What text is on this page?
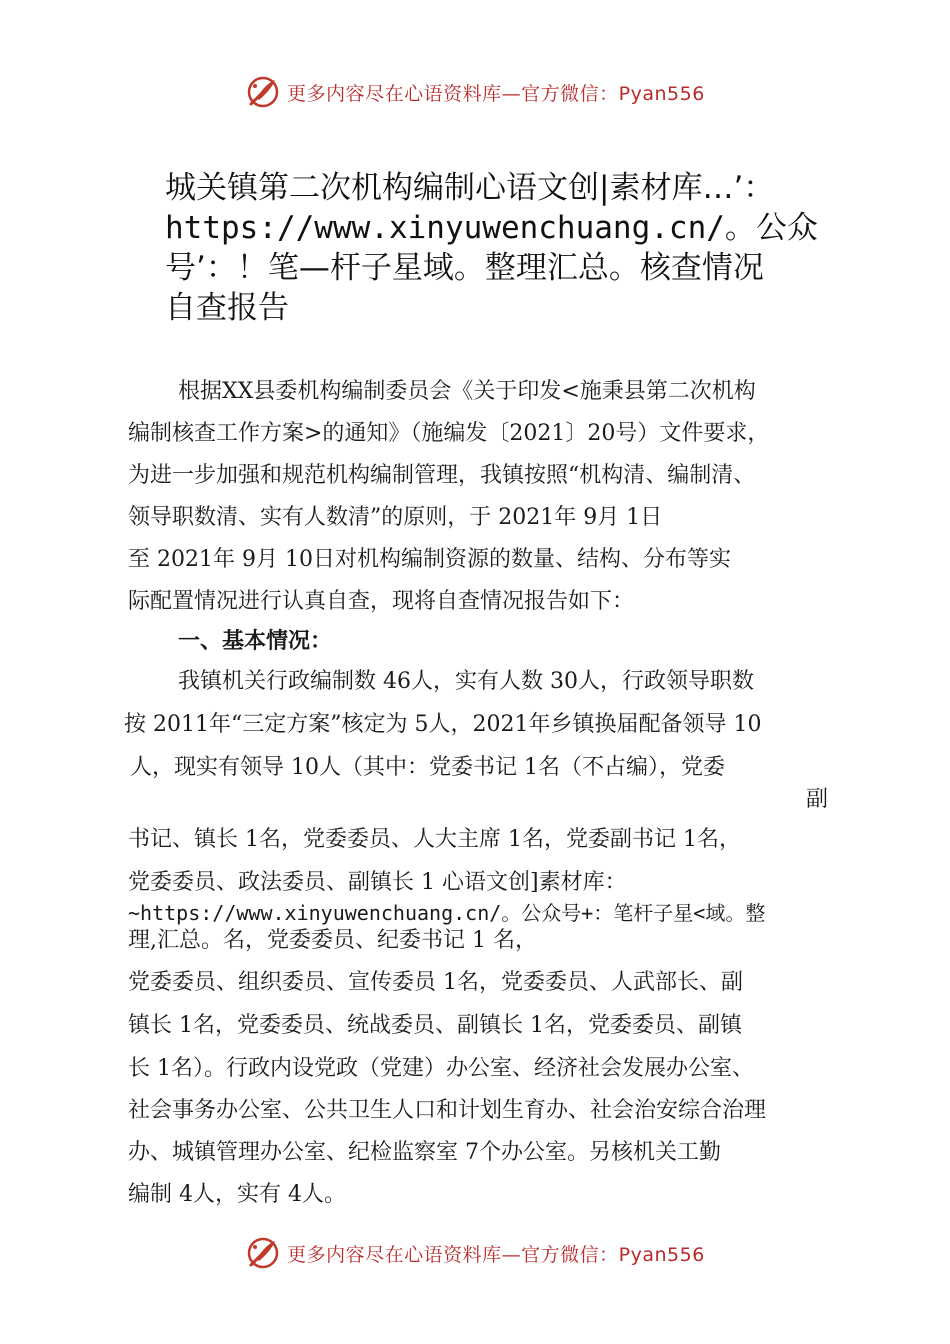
更多内容尽在心语资料库—官方微信：Pyan556
城关镇第二次机构编制心语文创|素材库…’：
https://www.xinyuwenchuang.cn/。公众
号’：！笔—杆子星域。整理汇总。核查情况
自查报告
根据XX县委机构编制委员会《关于印发<施秉县第二次机构
编制核查工作方案>的通知》（施编发〔2021〕20号）文件要求，
为进一步加强和规范机构编制管理，我镇按照“机构清、编制清、
领导职数清、实有人数清”的原则，于 2021年 9月 1日
至 2021年 9月 10日对机构编制资源的数量、结构、分布等实
际配置情况进行认真自查，现将自查情况报告如下：
一、基本情况：
我镇机关行政编制数 46人，实有人数 30人，行政领导职数
按 2011年“三定方案”核定为 5人，2021年乡镇换届配备领导 10
人，现实有领导 10人（其中：党委书记 1名（不占编），党委
副
书记、镇长 1名，党委委员、人大主席 1名，党委副书记 1名，
党委委员、政法委员、副镇长 1 心语文创]素材库：
~https://www.xinyuwenchuang.cn/。公众号+：笔杆子星<域。整
理,汇总。名，党委委员、纪委书记 1 名，
党委委员、组织委员、宣传委员 1名，党委委员、人武部长、副
镇长 1名，党委委员、统战委员、副镇长 1名，党委委员、副镇
长 1名）。行政内设党政（党建）办公室、经济社会发展办公室、
社会事务办公室、公共卫生人口和计划生育办、社会治安综合治理
办、城镇管理办公室、纪检监察室 7个办公室。另核机关工勤
编制 4人，实有 4人。
更多内容尽在心语资料库—官方微信：Pyan556
